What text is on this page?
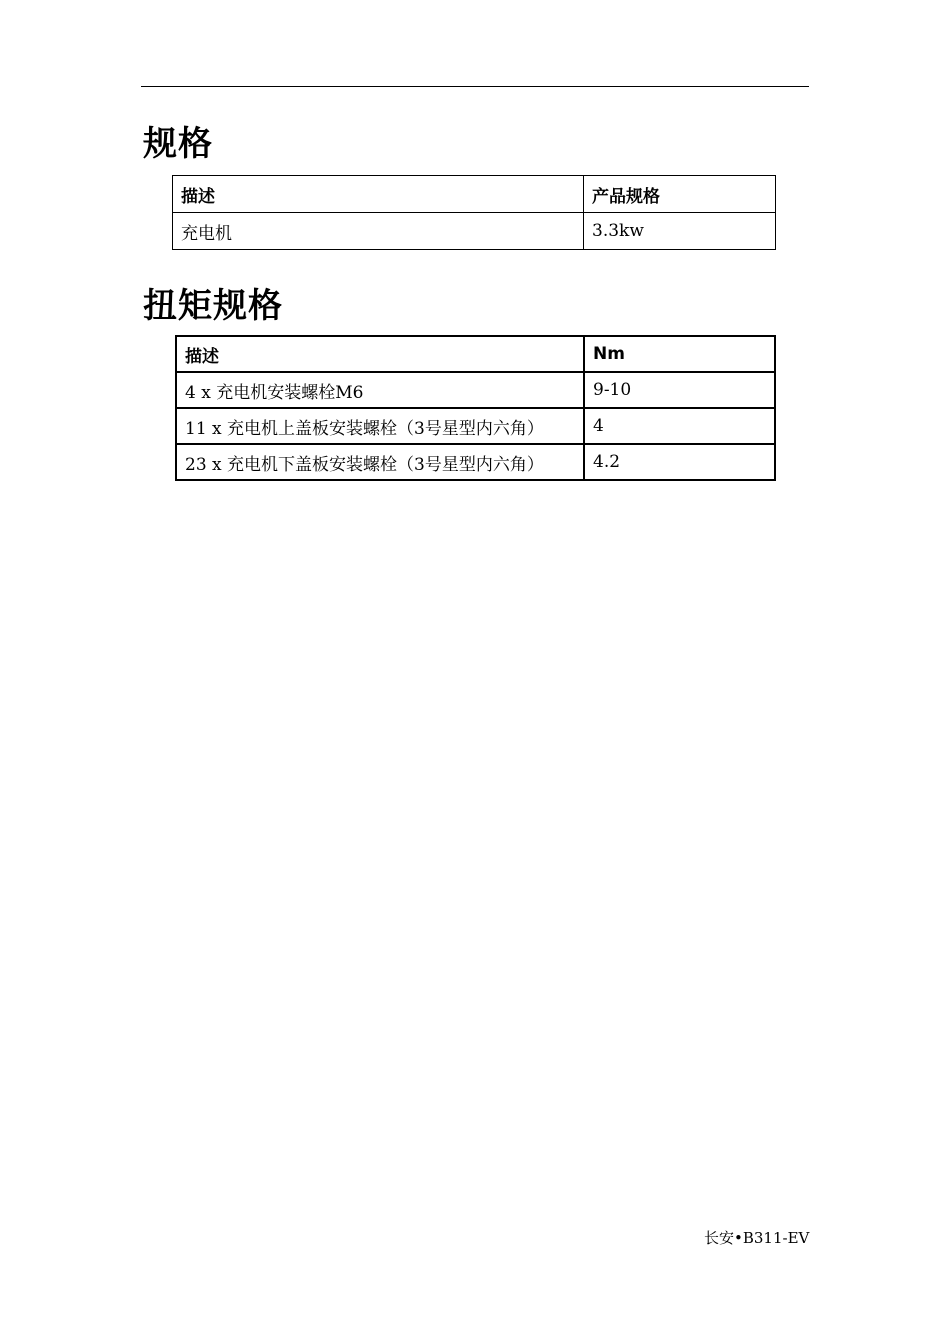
规格
描述	产品规格
充电机	3.3kw
扭矩规格
描述	Nm
4 x 充电机安装螺栓M6	9-10
11 x 充电机上盖板安装螺栓（3号星型内六角）	4
23 x 充电机下盖板安装螺栓（3号星型内六角）	4.2
长安•B311-EV
